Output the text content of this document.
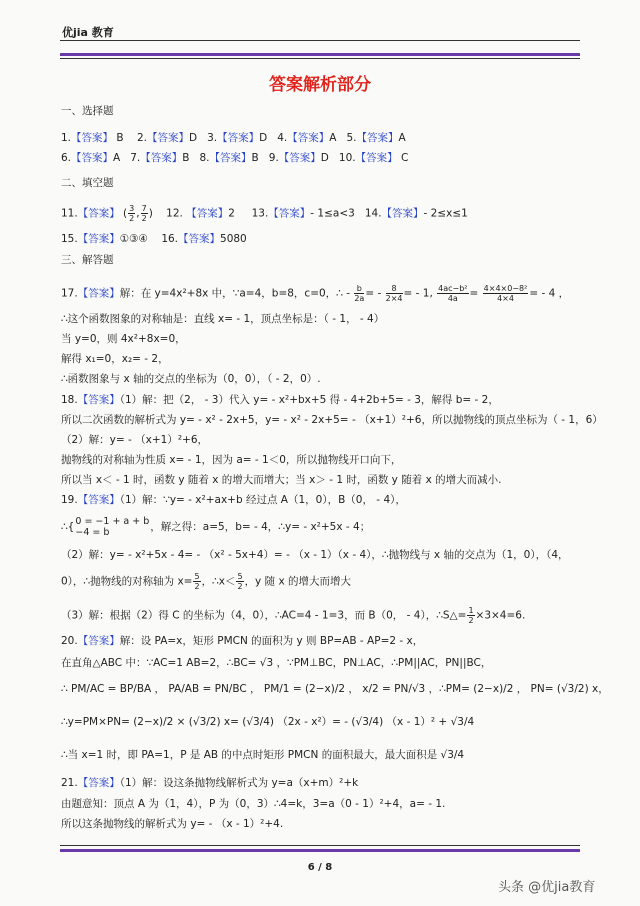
优jia 教育
答案解析部分
一、选择题
1.【答案】 B 2.【答案】D 3.【答案】D 4.【答案】A 5.【答案】A
6.【答案】A 7.【答案】B 8.【答案】B 9.【答案】D 10.【答案】 C
二、填空题
11.【答案】 ( $\frac{3}{2}$ , $\frac{7}{2}$ ) 12. 【答案】2 13.【答案】- 1≤a<3 14.【答案】- 2≤x≤1
15.【答案】①③④ 16.【答案】5080
三、解答题
17.【答案】解：在 y=4x²+8x 中，∵a=4，b=8，c=0，∴ - $\frac{b}{2a}$ = - $\frac{8}{2\times 4}$ = - 1, $\frac{\text{4ac−b²}}{4a} = \frac{\text{4×4×0−8²}}{4\times 4}$ = - 4 ，
∴这个函数图象的对称轴是：直线 x= - 1，顶点坐标是：（ - 1， - 4）
当 y=0，则 4x²+8x=0，
解得 x₁=0，x₂= - 2，
∴函数图象与 x 轴的交点的坐标为（0，0），（ - 2，0）.
18.【答案】（1）解：把（2， - 3）代入 y= - x²+bx+5 得 - 4+2b+5= - 3，解得 b= - 2，
所以二次函数的解析式为 y= - x² - 2x+5，y= - x² - 2x+5= - （x+1）²+6，所以抛物线的顶点坐标为（ - 1，6）
（2）解：y= - （x+1）²+6，
抛物线的对称轴为性质 x= - 1，因为 a= - 1＜0，所以抛物线开口向下，
所以当 x＜ - 1 时，函数 y 随着 x 的增大而增大；当 x＞ - 1 时，函数 y 随着 x 的增大而减小.
19.【答案】（1）解：∵y= - x²+ax+b 经过点 A（1，0），B（0， - 4），
∴{ 0 = −1 + a + b
−4 = b	，解之得：a=5，b= - 4，∴y= - x²+5x - 4；
（2）解：y= - x²+5x - 4= - （x² - 5x+4）= - （x - 1）（x - 4），∴抛物线与 x 轴的交点为（1，0），（4，
0），∴抛物线的对称轴为 $x= \frac{5}{2}$ ，∴x＜ $\frac{5}{2}$ ，y 随 x 的增大而增大
（3）解：根据（2）得 C 的坐标为（4，0），∴AC=4 - 1=3，而 B（0， - 4），∴S△= $\frac{1}{2} \times 3\times 4=6$.
20.【答案】解：设 PA=x，矩形 PMCN 的面积为 y 则 BP=AB - AP=2 - x，
在直角△ABC 中：∵AC=1 AB=2，∴BC= √3 ，∵PM⊥BC，PN⊥AC，∴PM||AC，PN||BC，
∴ PM/AC = BP/BA ， PA/AB = PN/BC ， PM/1 = (2−x)/2 ， x/2 = PN/√3 ，∴PM= (2−x)/2 ， PN= (√3/2) x，
∴y=PM×PN= (2−x)/2 × (√3/2) x= (√3/4) （2x - x²）= - (√3/4) （x - 1）² + √3/4
∴当 x=1 时，即 PA=1，P 是 AB 的中点时矩形 PMCN 的面积最大，最大面积是 √3/4
21.【答案】（1）解：设这条抛物线解析式为 y=a（x+m）²+k
由题意知：顶点 A 为（1，4），P 为（0，3）∴4=k，3=a（0 - 1）²+4，a= - 1.
所以这条抛物线的解析式为 y= - （x - 1）²+4.
6 / 8
头条 @优jia教育
